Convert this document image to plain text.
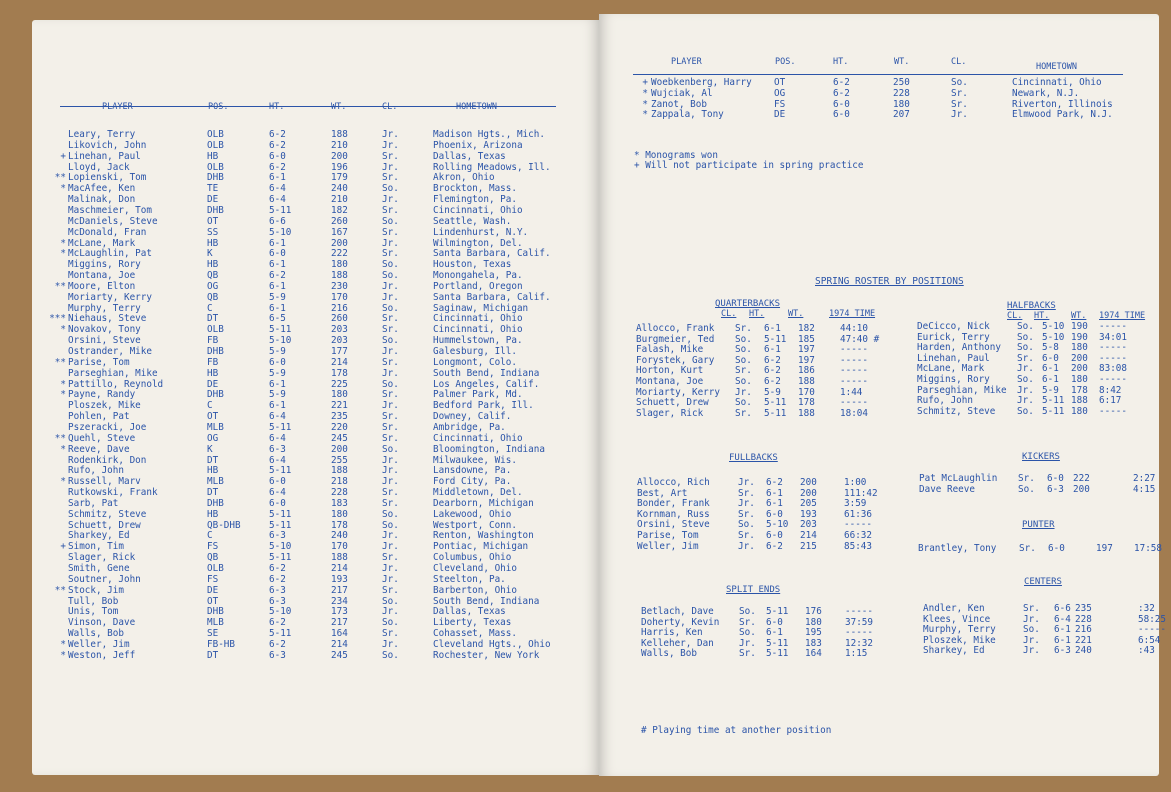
PLAYER	POS.	HT.	WT.	CL.	HOMETOWN
Leary, Terry	OLB	6-2	188	Jr.	Madison Hgts., Mich.
Likovich, John	OLB	6-2	210	Jr.	Phoenix, Arizona
+ Linehan, Paul	HB	6-0	200	Sr.	Dallas, Texas
Lloyd, Jack	OLB	6-2	196	Jr.	Rolling Meadows, Ill.
** Lopienski, Tom	DHB	6-1	179	Sr.	Akron, Ohio
* MacAfee, Ken	TE	6-4	240	So.	Brockton, Mass.
Malinak, Don	DE	6-4	210	Jr.	Flemington, Pa.
Maschmeier, Tom	DHB	5-11	182	Sr.	Cincinnati, Ohio
McDaniels, Steve	OT	6-6	260	So.	Seattle, Wash.
McDonald, Fran	SS	5-10	167	Sr.	Lindenhurst, N.Y.
* McLane, Mark	HB	6-1	200	Jr.	Wilmington, Del.
* McLaughlin, Pat	K	6-0	222	Sr.	Santa Barbara, Calif.
Miggins, Rory	HB	6-1	180	So.	Houston, Texas
Montana, Joe	QB	6-2	188	So.	Monongahela, Pa.
** Moore, Elton	OG	6-1	230	Jr.	Portland, Oregon
Moriarty, Kerry	QB	5-9	170	Jr.	Santa Barbara, Calif.
Murphy, Terry	C	6-1	216	So.	Saginaw, Michigan
*** Niehaus, Steve	DT	6-5	260	Sr.	Cincinnati, Ohio
* Novakov, Tony	OLB	5-11	203	Sr.	Cincinnati, Ohio
Orsini, Steve	FB	5-10	203	So.	Hummelstown, Pa.
Ostrander, Mike	DHB	5-9	177	Jr.	Galesburg, Ill.
** Parise, Tom	FB	6-0	214	Sr.	Longmont, Colo.
Parseghian, Mike	HB	5-9	178	Jr.	South Bend, Indiana
* Pattillo, Reynold	DE	6-1	225	So.	Los Angeles, Calif.
* Payne, Randy	DHB	5-9	180	Sr.	Palmer Park, Md.
Ploszek, Mike	C	6-1	221	Jr.	Bedford Park, Ill.
Pohlen, Pat	OT	6-4	235	Sr.	Downey, Calif.
Pszeracki, Joe	MLB	5-11	220	Sr.	Ambridge, Pa.
** Quehl, Steve	OG	6-4	245	Sr.	Cincinnati, Ohio
* Reeve, Dave	K	6-3	200	So.	Bloomington, Indiana
Rodenkirk, Don	DT	6-4	255	Jr.	Milwaukee, Wis.
Rufo, John	HB	5-11	188	Jr.	Lansdowne, Pa.
* Russell, Marv	MLB	6-0	218	Jr.	Ford City, Pa.
Rutkowski, Frank	DT	6-4	228	Sr.	Middletown, Del.
Sarb, Pat	DHB	6-0	183	Sr.	Dearborn, Michigan
Schmitz, Steve	HB	5-11	180	So.	Lakewood, Ohio
Schuett, Drew	QB-DHB	5-11	178	So.	Westport, Conn.
Sharkey, Ed	C	6-3	240	Jr.	Renton, Washington
+ Simon, Tim	FS	5-10	170	Jr.	Pontiac, Michigan
Slager, Rick	QB	5-11	188	Sr.	Columbus, Ohio
Smith, Gene	OLB	6-2	214	Jr.	Cleveland, Ohio
Soutner, John	FS	6-2	193	Jr.	Steelton, Pa.
** Stock, Jim	DE	6-3	217	Sr.	Barberton, Ohio
Tull, Bob	OT	6-3	234	So.	South Bend, Indiana
Unis, Tom	DHB	5-10	173	Jr.	Dallas, Texas
Vinson, Dave	MLB	6-2	217	So.	Liberty, Texas
Walls, Bob	SE	5-11	164	Sr.	Cohasset, Mass.
* Weller, Jim	FB-HB	6-2	214	Jr.	Cleveland Hgts., Ohio
* Weston, Jeff	DT	6-3	245	So.	Rochester, New York
* Monograms won
+ Will not participate in spring practice
SPRING ROSTER BY POSITIONS
QUARTERBACKS
CL. HT.	WT.	1974 TIME
Allocco, Frank Sr. 6-1 182	44:10
Burgmeier, Ted So. 5-11 185	47:40 #
Falash, Mike	So. 6-1 197	-----
Forystek, Gary So. 6-2 197	-----
Horton, Kurt	Sr. 6-2 186	-----
Montana, Joe	So. 6-2 188	-----
Moriarty, Kerry Jr. 5-9 170	1:44
Schuett, Drew	So. 5-11 178	-----
Slager, Rick	Sr. 5-11 188	18:04
HALFBACKS
CL. HT.	WT. 1974 TIME
DeCicco, Nick	So. 5-10 190 -----
Eurick, Terry	So. 5-10 190 34:01
Harden, Anthony So. 5-8 180 -----
Linehan, Paul	Sr. 6-0 200 -----
McLane, Mark	Jr. 6-1 200 83:08
Miggins, Rory	So. 6-1 180 -----
Parseghian, Mike Jr. 5-9 178 8:42
Rufo, John	Jr. 5-11 188 6:17
Schmitz, Steve So. 5-11 180 -----
FULLBACKS
Allocco, Rich	Jr. 6-2 200	1:00
Best, Art	Sr. 6-1 200	111:42
Bonder, Frank	Jr. 6-1 205	3:59
Kornman, Russ	Sr. 6-0 193	61:36
Orsini, Steve	So. 5-10 203	-----
Parise, Tom	Sr. 6-0 214	66:32
Weller, Jim	Jr. 6-2 215	85:43
KICKERS
Pat McLaughlin Sr. 6-0 222	2:27
Dave Reeve	So. 6-3 200	4:15
PUNTER
Brantley, Tony Sr. 6-0	197 17:58
SPLIT ENDS
Betlach, Dave	So. 5-11 176 -----
Doherty, Kevin Sr. 6-0 180 37:59
Harris, Ken	So. 6-1 195 -----
Kelleher, Dan	Jr. 5-11 183 12:32
Walls, Bob	Sr. 5-11 164 1:15
CENTERS
Andler, Ken	Sr. 6-6 235	:32
Klees, Vince	Jr. 6-4 228	58:25
Murphy, Terry	So. 6-1 216	-----
Ploszek, Mike	Jr. 6-1 221	6:54
Sharkey, Ed	Jr. 6-3 240	:43
# Playing time at another position
PLAYER	POS.	HT.	WT.	CL.	HOMETOWN
+ Woebkenberg, Harry OT	6-2	250	So.	Cincinnati, Ohio
* Wujciak, Al	OG	6-2	228	Sr.	Newark, N.J.
* Zanot, Bob	FS	6-0	180	Sr.	Riverton, Illinois
* Zappala, Tony	DE	6-0	207	Jr.	Elmwood Park, N.J.
